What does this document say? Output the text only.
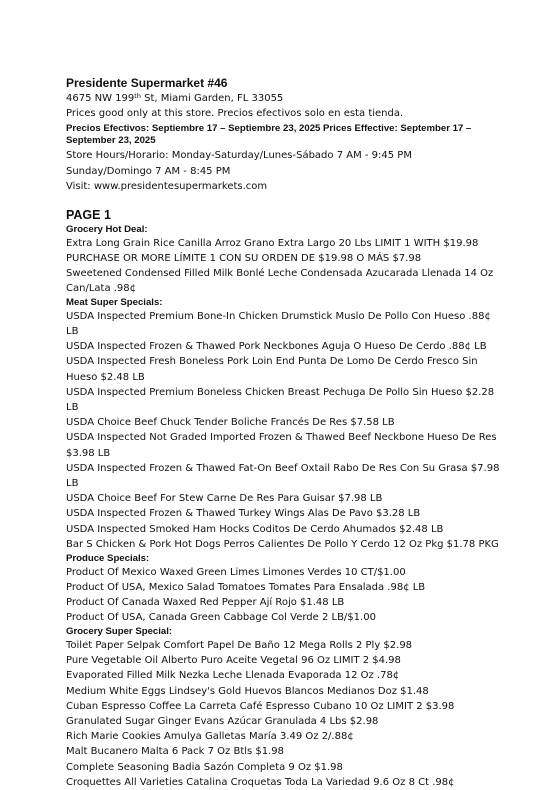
Presidente Supermarket #46

4675 NW 199th St, Miami Garden, FL 33055

Prices good only at this store. Precios efectivos solo en esta tienda.

Precios Efectivos: Septiembre 17 – Septiembre 23, 2025 Prices Effective: September 17 – September 23, 2025

Store Hours/Horario: Monday-Saturday/Lunes-Sábado 7 AM - 9:45 PM Sunday/Domingo 7 AM - 8:45 PM

Visit: www.presidentesupermarkets.com

PAGE 1

Grocery Hot Deal:

Extra Long Grain Rice Canilla Arroz Grano Extra Largo 20 Lbs LIMIT 1 WITH $19.98 PURCHASE OR MORE LÍMITE 1 CON SU ORDEN DE $19.98 O MÁS $7.98

Sweetened Condensed Filled Milk Bonlé Leche Condensada Azucarada Llenada 14 Oz Can/Lata .98¢

Meat Super Specials:

USDA Inspected Premium Bone-In Chicken Drumstick Muslo De Pollo Con Hueso .88¢ LB

USDA Inspected Frozen & Thawed Pork Neckbones Aguja O Hueso De Cerdo .88¢ LB

USDA Inspected Fresh Boneless Pork Loin End Punta De Lomo De Cerdo Fresco Sin Hueso $2.48 LB

USDA Inspected Premium Boneless Chicken Breast Pechuga De Pollo Sin Hueso $2.28 LB

USDA Choice Beef Chuck Tender Boliche Francés De Res $7.58 LB

USDA Inspected Not Graded Imported Frozen & Thawed Beef Neckbone Hueso De Res $3.98 LB

USDA Inspected Frozen & Thawed Fat-On Beef Oxtail Rabo De Res Con Su Grasa $7.98 LB

USDA Choice Beef For Stew Carne De Res Para Guisar $7.98 LB

USDA Inspected Frozen & Thawed Turkey Wings Alas De Pavo $3.28 LB

USDA Inspected Smoked Ham Hocks Coditos De Cerdo Ahumados $2.48 LB

Bar S Chicken & Pork Hot Dogs Perros Calientes De Pollo Y Cerdo 12 Oz Pkg $1.78 PKG

Produce Specials:

Product Of Mexico Waxed Green Limes Limones Verdes 10 CT/$1.00

Product Of USA, Mexico Salad Tomatoes Tomates Para Ensalada .98¢ LB

Product Of Canada Waxed Red Pepper Ají Rojo $1.48 LB

Product Of USA, Canada Green Cabbage Col Verde 2 LB/$1.00

Grocery Super Special:

Toilet Paper Selpak Comfort Papel De Baño 12 Mega Rolls 2 Ply $2.98

Pure Vegetable Oil Alberto Puro Aceite Vegetal 96 Oz LIMIT 2 $4.98

Evaporated Filled Milk Nezka Leche Llenada Evaporada 12 Oz .78¢

Medium White Eggs Lindsey's Gold Huevos Blancos Medianos Doz $1.48

Cuban Espresso Coffee La Carreta Café Espresso Cubano 10 Oz LIMIT 2 $3.98

Granulated Sugar Ginger Evans Azúcar Granulada 4 Lbs $2.98

Rich Marie Cookies Amulya Galletas María 3.49 Oz 2/.88¢

Malt Bucanero Malta 6 Pack 7 Oz Btls $1.98

Complete Seasoning Badia Sazón Completa 9 Oz $1.98

Croquettes All Varieties Catalina Croquetas Toda La Variedad 9.6 Oz 8 Ct .98¢
